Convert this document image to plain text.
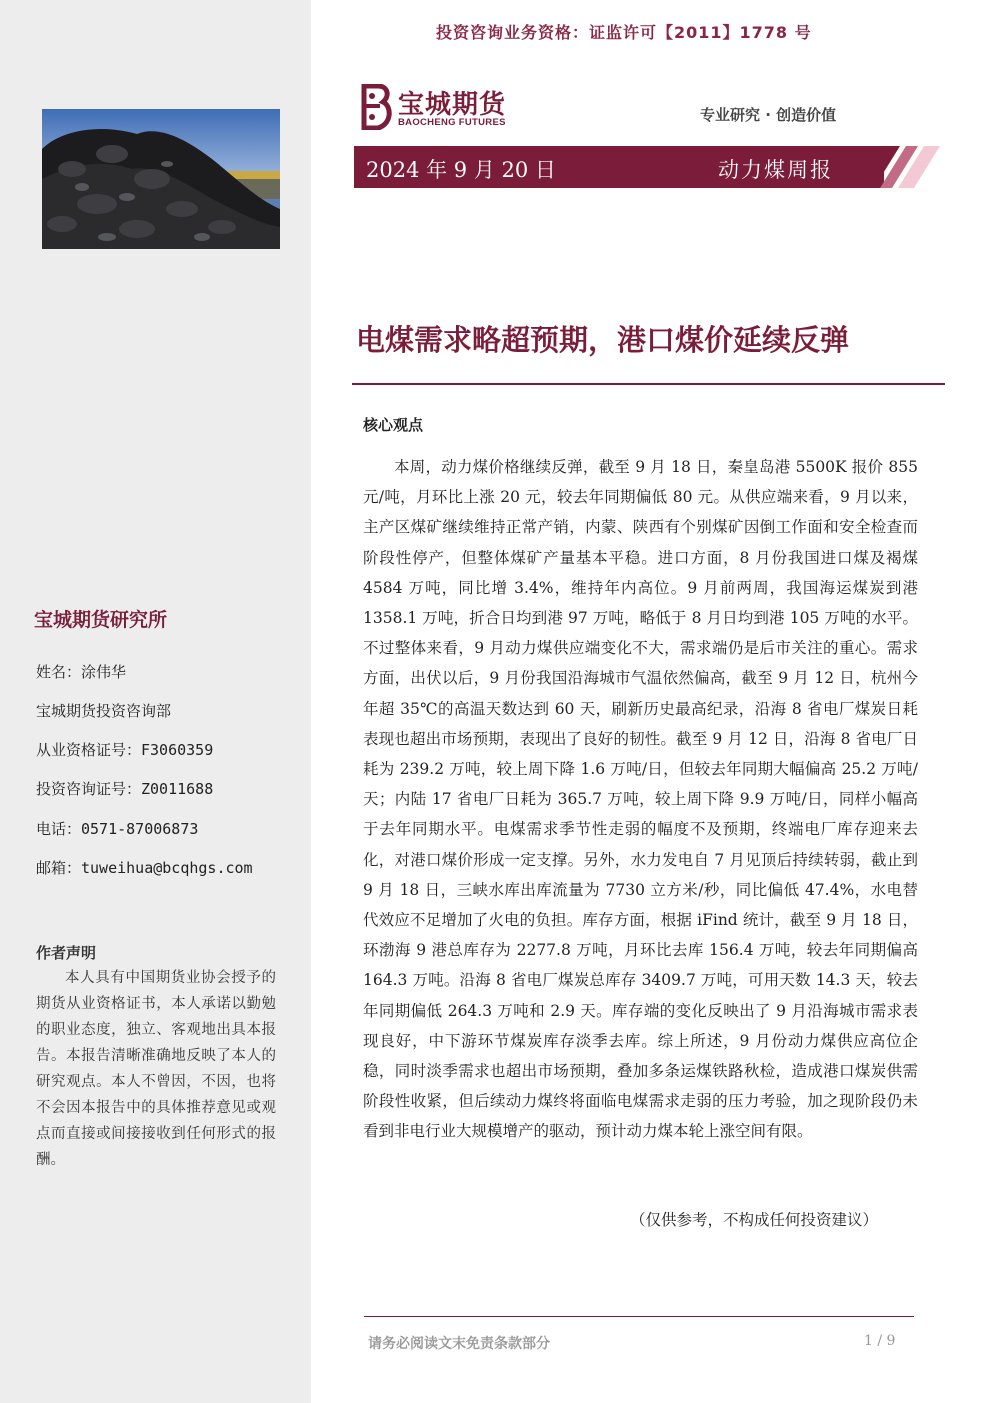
宝城期货研究所
姓名：涂伟华
宝城期货投资咨询部
从业资格证号：F3060359
投资咨询证号：Z0011688
电话：0571-87006873
邮箱：tuweihua@bcqhgs.com
作者声明
本人具有中国期货业协会授予的期货从业资格证书，本人承诺以勤勉的职业态度，独立、客观地出具本报告。本报告清晰准确地反映了本人的研究观点。本人不曾因，不因，也将不会因本报告中的具体推荐意见或观点而直接或间接接收到任何形式的报酬。
投资咨询业务资格：证监许可【2011】1778 号
宝城期货
BAOCHENG FUTURES	专业研究 · 创造价值
2024 年 9 月 20 日	动力煤周报
电煤需求略超预期，港口煤价延续反弹
核心观点
本周，动力煤价格继续反弹，截至 9 月 18 日，秦皇岛港 5500K 报价 855 元/吨，月环比上涨 20 元，较去年同期偏低 80 元。从供应端来看，9 月以来，主产区煤矿继续维持正常产销，内蒙、陕西有个别煤矿因倒工作面和安全检查而阶段性停产，但整体煤矿产量基本平稳。进口方面，8 月份我国进口煤及褐煤 4584 万吨，同比增 3.4%，维持年内高位。9 月前两周，我国海运煤炭到港 1358.1 万吨，折合日均到港 97 万吨，略低于 8 月日均到港 105 万吨的水平。不过整体来看，9 月动力煤供应端变化不大，需求端仍是后市关注的重心。需求方面，出伏以后，9 月份我国沿海城市气温依然偏高，截至 9 月 12 日，杭州今年超 35℃的高温天数达到 60 天，刷新历史最高纪录，沿海 8 省电厂煤炭日耗表现也超出市场预期，表现出了良好的韧性。截至 9 月 12 日，沿海 8 省电厂日耗为 239.2 万吨，较上周下降 1.6 万吨/日，但较去年同期大幅偏高 25.2 万吨/天；内陆 17 省电厂日耗为 365.7 万吨，较上周下降 9.9 万吨/日，同样小幅高于去年同期水平。电煤需求季节性走弱的幅度不及预期，终端电厂库存迎来去化，对港口煤价形成一定支撑。另外，水力发电自 7 月见顶后持续转弱，截止到 9 月 18 日，三峡水库出库流量为 7730 立方米/秒，同比偏低 47.4%，水电替代效应不足增加了火电的负担。库存方面，根据 iFind 统计，截至 9 月 18 日，环渤海 9 港总库存为 2277.8 万吨，月环比去库 156.4 万吨，较去年同期偏高 164.3 万吨。沿海 8 省电厂煤炭总库存 3409.7 万吨，可用天数 14.3 天，较去年同期偏低 264.3 万吨和 2.9 天。库存端的变化反映出了 9 月沿海城市需求表现良好，中下游环节煤炭库存淡季去库。综上所述，9 月份动力煤供应高位企稳，同时淡季需求也超出市场预期，叠加多条运煤铁路秋检，造成港口煤炭供需阶段性收紧，但后续动力煤终将面临电煤需求走弱的压力考验，加之现阶段仍未看到非电行业大规模增产的驱动，预计动力煤本轮上涨空间有限。
（仅供参考，不构成任何投资建议）
请务必阅读文末免责条款部分	1 / 9
